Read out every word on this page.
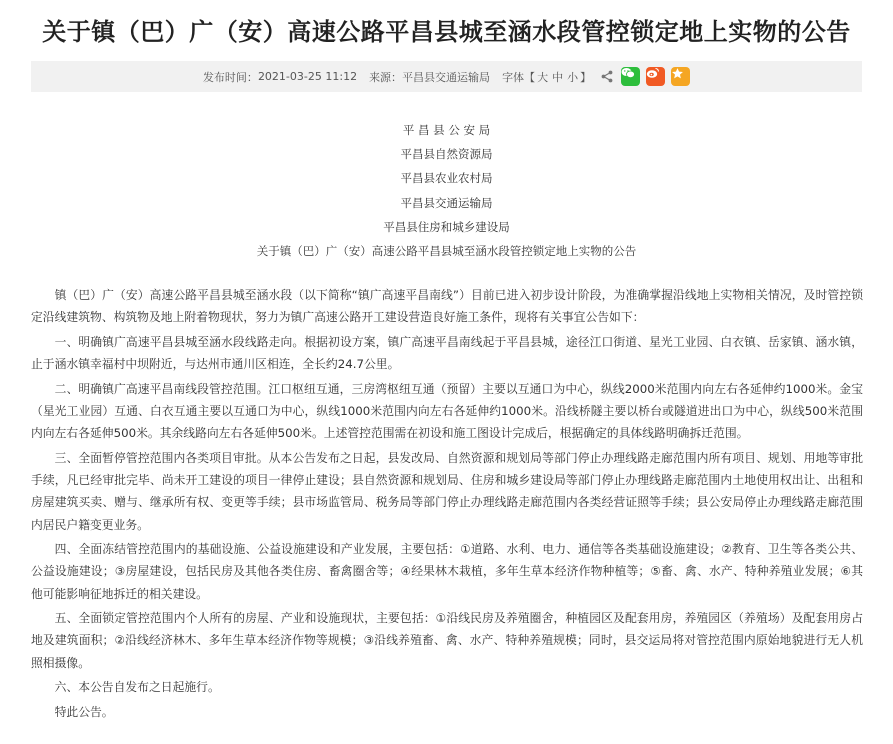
关于镇（巴）广（安）高速公路平昌县城至涵水段管控锁定地上实物的公告
发布时间： 2021-03-25 11:12 来源： 平昌县交通运输局 字体【 大 中 小 】
平 昌 县 公 安 局
平昌县自然资源局
平昌县农业农村局
平昌县交通运输局
平昌县住房和城乡建设局
关于镇（巴）广（安）高速公路平昌县城至涵水段管控锁定地上实物的公告

镇（巴）广（安）高速公路平昌县城至涵水段（以下简称“镇广高速平昌南线”）目前已进入初步设计阶段，为准确掌握沿线地上实物相关情况，及时管控锁定沿线建筑物、构筑物及地上附着物现状，努力为镇广高速公路开工建设营造良好施工条件，现将有关事宜公告如下：

一、明确镇广高速平昌县城至涵水段线路走向。根据初设方案，镇广高速平昌南线起于平昌县城，途径江口街道、星光工业园、白衣镇、岳家镇、涵水镇，止于涵水镇幸福村中坝附近，与达州市通川区相连，全长约24.7公里。

二、明确镇广高速平昌南线段管控范围。江口枢纽互通，三房湾枢纽互通（预留）主要以互通口为中心，纵线2000米范围内向左右各延伸约1000米。金宝（星光工业园）互通、白衣互通主要以互通口为中心，纵线1000米范围内向左右各延伸约1000米。沿线桥隧主要以桥台或隧道进出口为中心，纵线500米范围内向左右各延伸500米。其余线路向左右各延伸500米。上述管控范围需在初设和施工图设计完成后，根据确定的具体线路明确拆迁范围。

三、全面暂停管控范围内各类项目审批。从本公告发布之日起，县发改局、自然资源和规划局等部门停止办理线路走廊范围内所有项目、规划、用地等审批手续，凡已经审批完毕、尚未开工建设的项目一律停止建设；县自然资源和规划局、住房和城乡建设局等部门停止办理线路走廊范围内土地使用权出让、出租和房屋建筑买卖、赠与、继承所有权、变更等手续；县市场监管局、税务局等部门停止办理线路走廊范围内各类经营证照等手续；县公安局停止办理线路走廊范围内居民户籍变更业务。

四、全面冻结管控范围内的基础设施、公益设施建设和产业发展，主要包括：①道路、水利、电力、通信等各类基础设施建设；②教育、卫生等各类公共、公益设施建设；③房屋建设，包括民房及其他各类住房、畜禽圈舍等；④经果林木栽植，多年生草本经济作物种植等；⑤畜、禽、水产、特种养殖业发展；⑥其他可能影响征地拆迁的相关建设。

五、全面锁定管控范围内个人所有的房屋、产业和设施现状，主要包括：①沿线民房及养殖圈舍，种植园区及配套用房，养殖园区（养殖场）及配套用房占地及建筑面积；②沿线经济林木、多年生草本经济作物等规模；③沿线养殖畜、禽、水产、特种养殖规模；同时，县交运局将对管控范围内原始地貌进行无人机照相摄像。

六、本公告自发布之日起施行。

特此公告。
